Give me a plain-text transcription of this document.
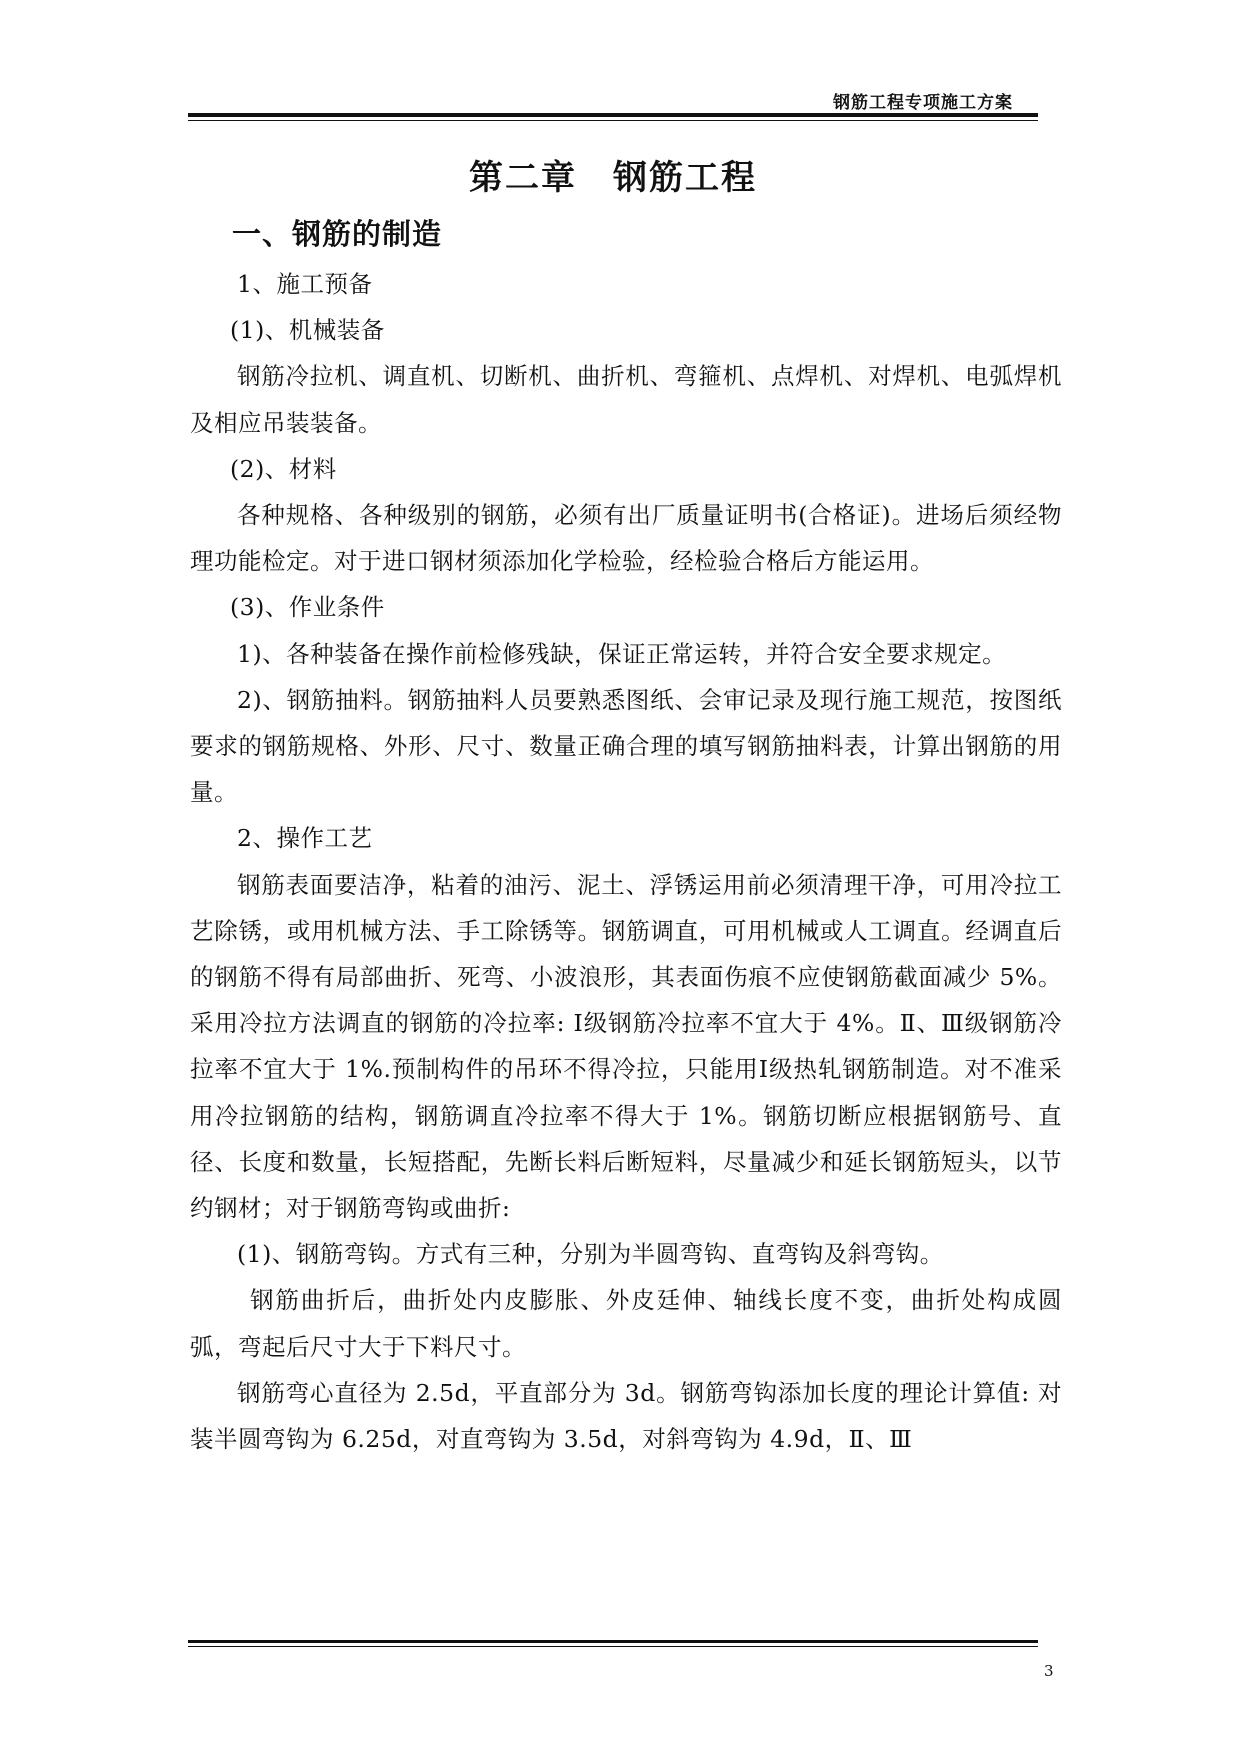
钢筋工程专项施工方案
第二章　钢筋工程
一、钢筋的制造

1、施工预备

(1)、机械装备

钢筋冷拉机、调直机、切断机、曲折机、弯箍机、点焊机、对焊机、电弧焊机及相应吊装装备。

(2)、材料

各种规格、各种级别的钢筋，必须有出厂质量证明书(合格证)。进场后须经物理功能检定。对于进口钢材须添加化学检验，经检验合格后方能运用。

(3)、作业条件

1)、各种装备在操作前检修残缺，保证正常运转，并符合安全要求规定。

2)、钢筋抽料。钢筋抽料人员要熟悉图纸、会审记录及现行施工规范，按图纸要求的钢筋规格、外形、尺寸、数量正确合理的填写钢筋抽料表，计算出钢筋的用量。

2、操作工艺

钢筋表面要洁净，粘着的油污、泥土、浮锈运用前必须清理干净，可用冷拉工艺除锈，或用机械方法、手工除锈等。钢筋调直，可用机械或人工调直。经调直后的钢筋不得有局部曲折、死弯、小波浪形，其表面伤痕不应使钢筋截面减少 5%。采用冷拉方法调直的钢筋的冷拉率: Ⅰ级钢筋冷拉率不宜大于 4%。Ⅱ、Ⅲ级钢筋冷拉率不宜大于 1%.预制构件的吊环不得冷拉，只能用Ⅰ级热轧钢筋制造。对不准采用冷拉钢筋的结构，钢筋调直冷拉率不得大于 1%。钢筋切断应根据钢筋号、直径、长度和数量，长短搭配，先断长料后断短料，尽量减少和延长钢筋短头，以节约钢材；对于钢筋弯钩或曲折:

(1)、钢筋弯钩。方式有三种，分别为半圆弯钩、直弯钩及斜弯钩。

钢筋曲折后，曲折处内皮膨胀、外皮廷伸、轴线长度不变，曲折处构成圆弧，弯起后尺寸大于下料尺寸。

钢筋弯心直径为 2.5d，平直部分为 3d。钢筋弯钩添加长度的理论计算值: 对装半圆弯钩为 6.25d，对直弯钩为 3.5d，对斜弯钩为 4.9d，Ⅱ、Ⅲ

3
